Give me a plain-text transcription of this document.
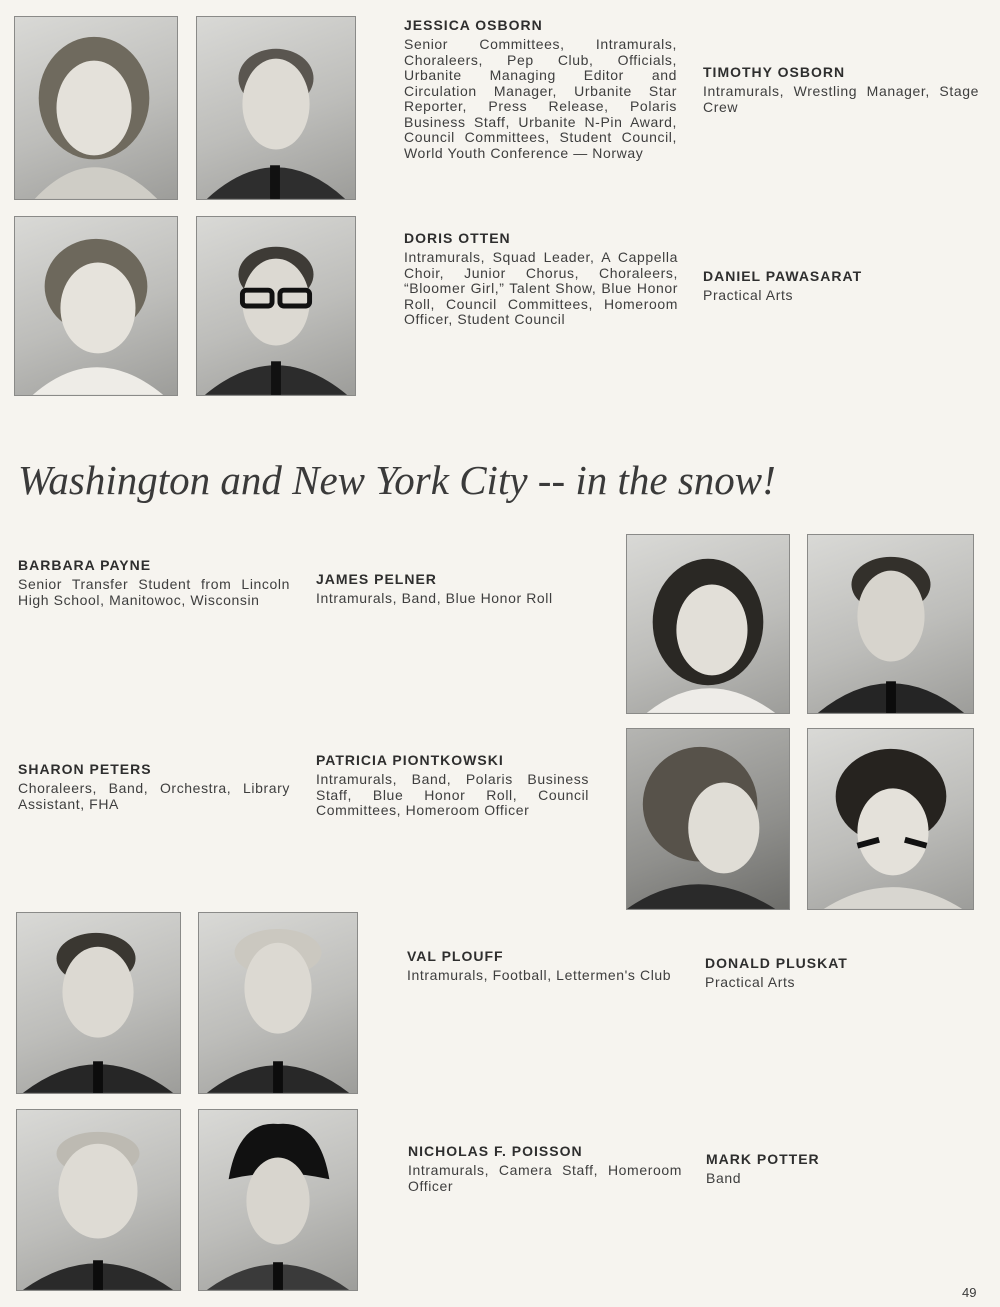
JESSICA OSBORN

Senior Committees, Intramurals, Choraleers, Pep Club, Officials, Urbanite Managing Editor and Circulation Manager, Urbanite Star Reporter, Press Release, Polaris Business Staff, Urbanite N-Pin Award, Council Committees, Student Council, World Youth Conference — Norway

TIMOTHY OSBORN

Intramurals, Wrestling Manager, Stage Crew

DORIS OTTEN

Intramurals, Squad Leader, A Cappella Choir, Junior Chorus, Choraleers, “Bloomer Girl,” Talent Show, Blue Honor Roll, Council Committees, Homeroom Officer, Student Council

DANIEL PAWASARAT

Practical Arts

Washington and New York City -- in the snow!

BARBARA PAYNE

Senior Transfer Student from Lincoln High School, Manitowoc, Wisconsin

JAMES PELNER

Intramurals, Band, Blue Honor Roll

SHARON PETERS

Choraleers, Band, Orchestra, Library Assistant, FHA

PATRICIA PIONTKOWSKI

Intramurals, Band, Polaris Business Staff, Blue Honor Roll, Council Committees, Homeroom Officer

VAL PLOUFF

Intramurals, Football, Lettermen's Club

DONALD PLUSKAT

Practical Arts

NICHOLAS F. POISSON

Intramurals, Camera Staff, Homeroom Officer

MARK POTTER

Band

49
